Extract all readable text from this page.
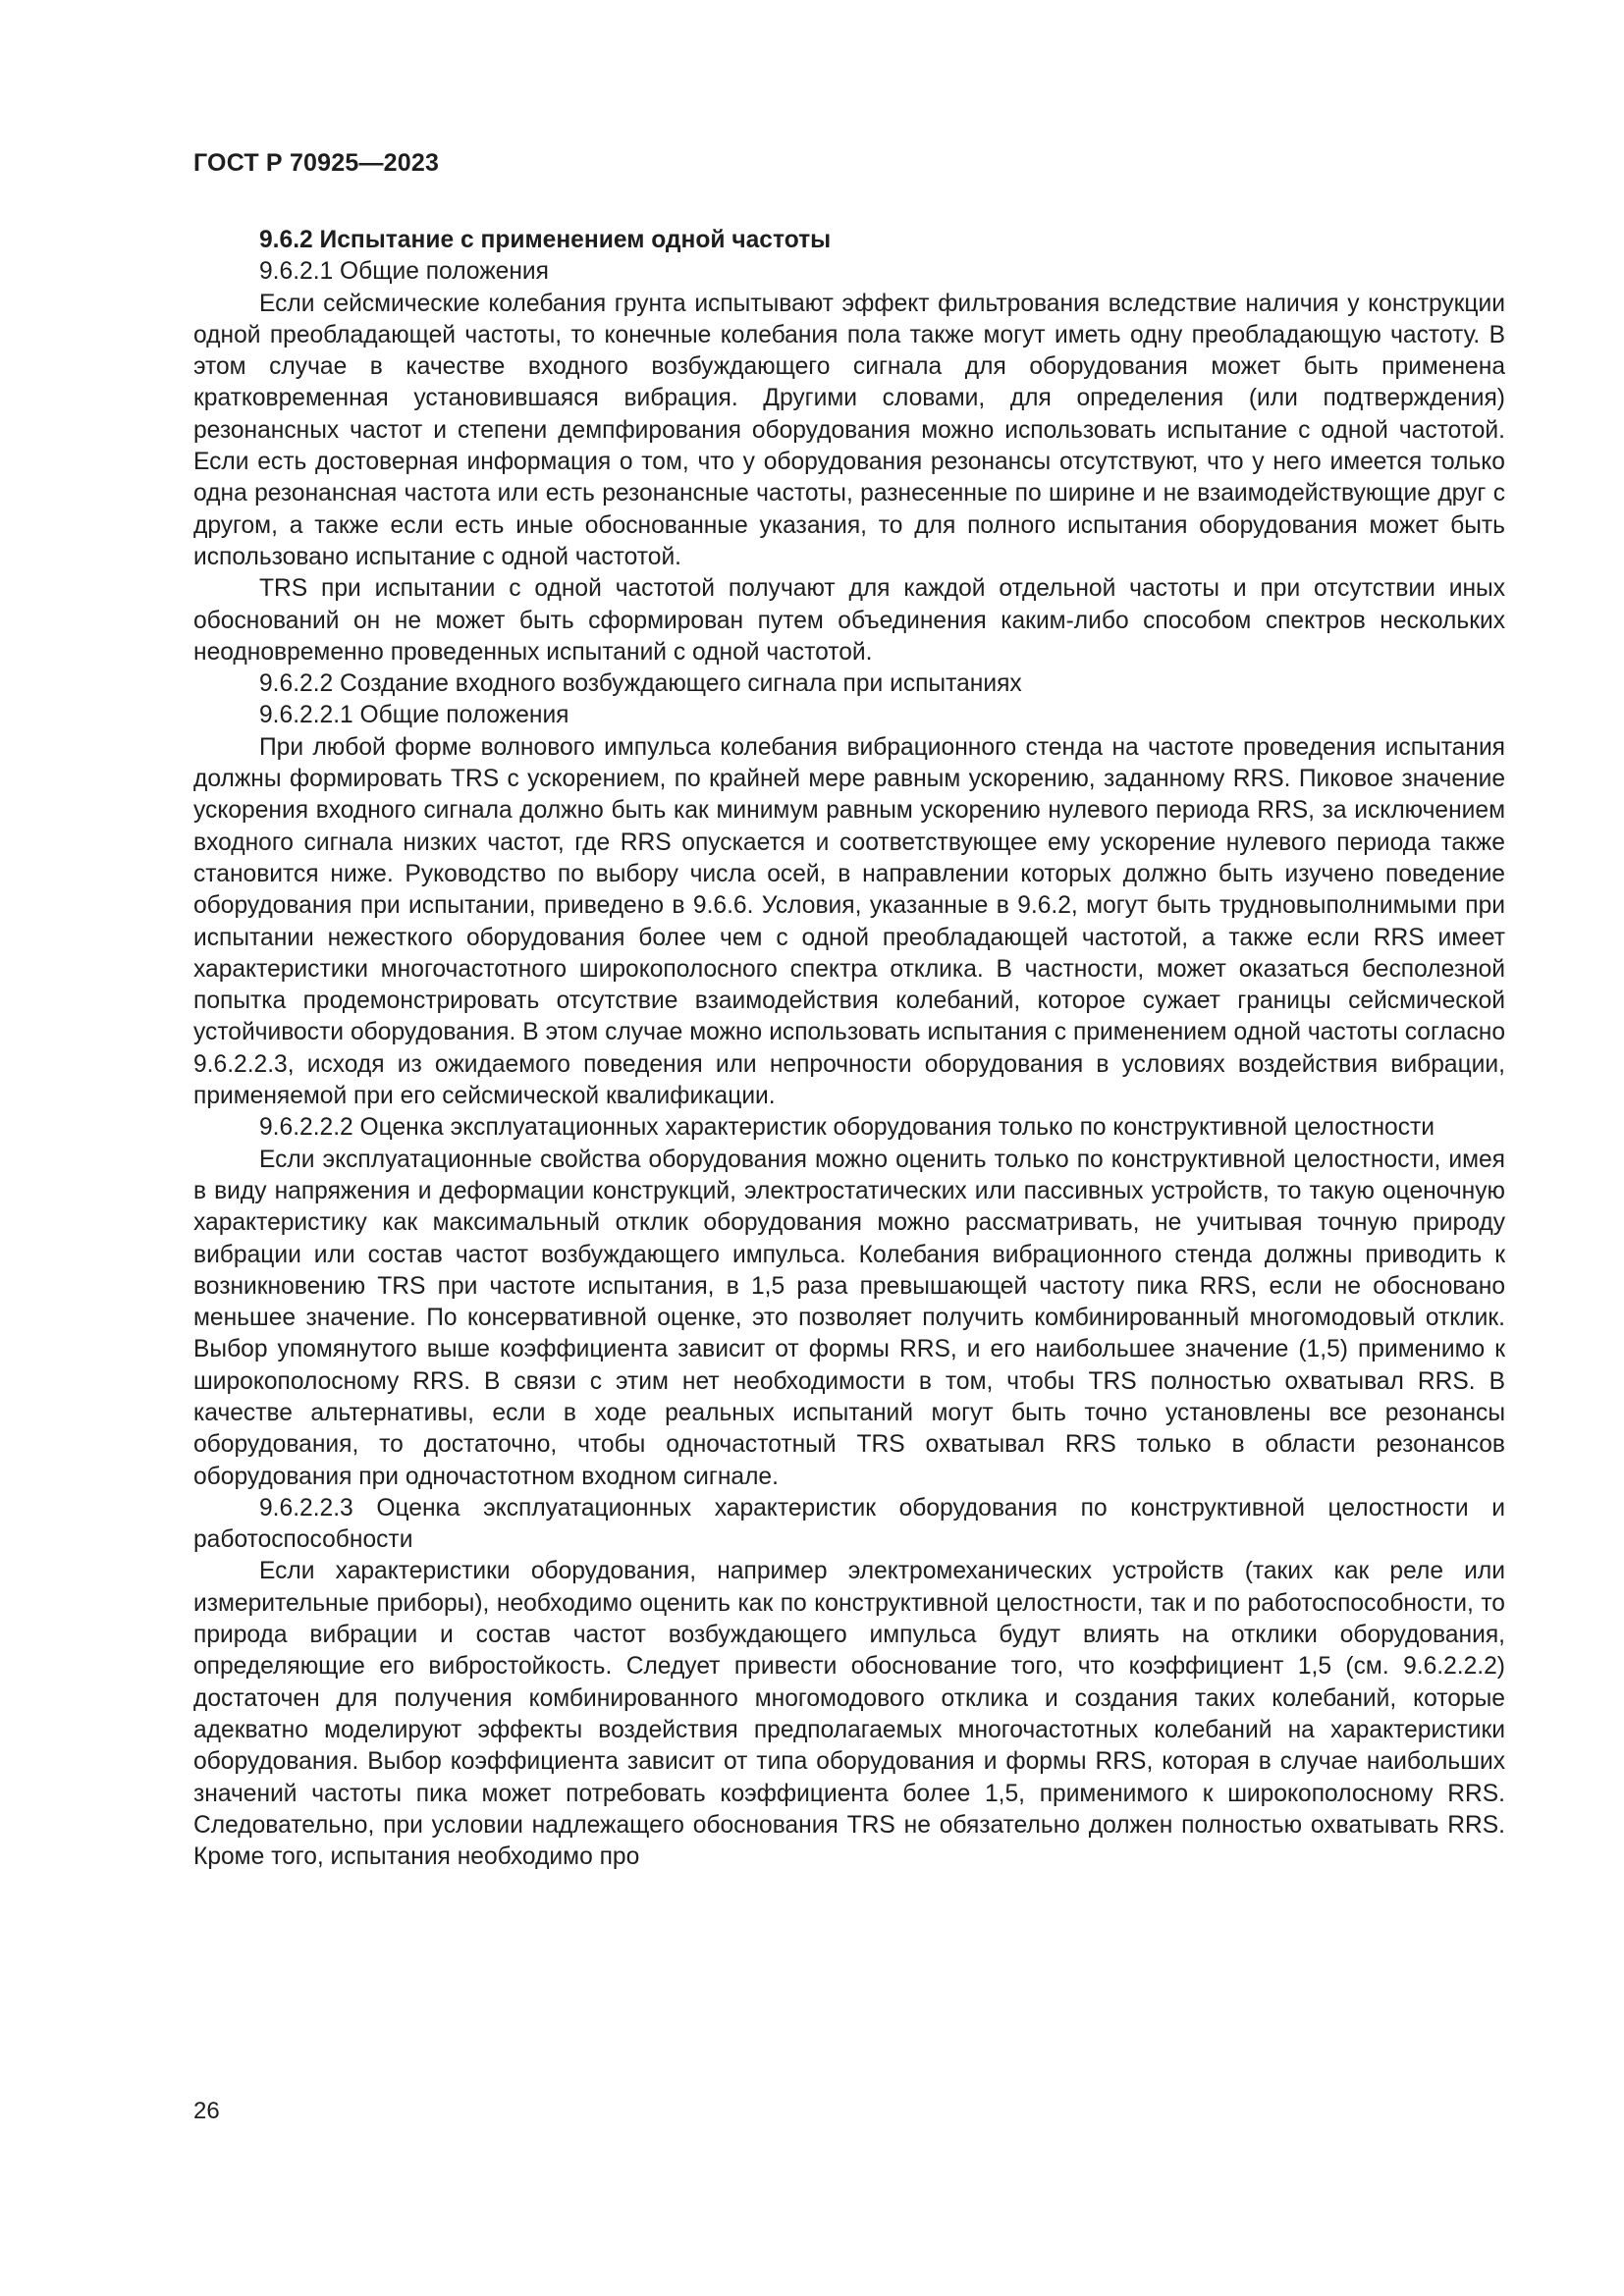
ГОСТ Р 70925—2023

9.6.2 Испытание с применением одной частоты

9.6.2.1 Общие положения

Если сейсмические колебания грунта испытывают эффект фильтрования вследствие наличия у конструкции одной преобладающей частоты, то конечные колебания пола также могут иметь одну преобладающую частоту. В этом случае в качестве входного возбуждающего сигнала для оборудования может быть применена кратковременная установившаяся вибрация. Другими словами, для определения (или подтверждения) резонансных частот и степени демпфирования оборудования можно использовать испытание с одной частотой. Если есть достоверная информация о том, что у оборудования резонансы отсутствуют, что у него имеется только одна резонансная частота или есть резонансные частоты, разнесенные по ширине и не взаимодействующие друг с другом, а также если есть иные обоснованные указания, то для полного испытания оборудования может быть использовано испытание с одной частотой.

TRS при испытании с одной частотой получают для каждой отдельной частоты и при отсутствии иных обоснований он не может быть сформирован путем объединения каким-либо способом спектров нескольких неодновременно проведенных испытаний с одной частотой.

9.6.2.2 Создание входного возбуждающего сигнала при испытаниях

9.6.2.2.1 Общие положения

При любой форме волнового импульса колебания вибрационного стенда на частоте проведения испытания должны формировать TRS с ускорением, по крайней мере равным ускорению, заданному RRS. Пиковое значение ускорения входного сигнала должно быть как минимум равным ускорению нулевого периода RRS, за исключением входного сигнала низких частот, где RRS опускается и соответствующее ему ускорение нулевого периода также становится ниже. Руководство по выбору числа осей, в направлении которых должно быть изучено поведение оборудования при испытании, приведено в 9.6.6. Условия, указанные в 9.6.2, могут быть трудновыполнимыми при испытании нежесткого оборудования более чем с одной преобладающей частотой, а также если RRS имеет характеристики многочастотного широкополосного спектра отклика. В частности, может оказаться бесполезной попытка продемонстрировать отсутствие взаимодействия колебаний, которое сужает границы сейсмической устойчивости оборудования. В этом случае можно использовать испытания с применением одной частоты согласно 9.6.2.2.3, исходя из ожидаемого поведения или непрочности оборудования в условиях воздействия вибрации, применяемой при его сейсмической квалификации.

9.6.2.2.2 Оценка эксплуатационных характеристик оборудования только по конструктивной целостности

Если эксплуатационные свойства оборудования можно оценить только по конструктивной целостности, имея в виду напряжения и деформации конструкций, электростатических или пассивных устройств, то такую оценочную характеристику как максимальный отклик оборудования можно рассматривать, не учитывая точную природу вибрации или состав частот возбуждающего импульса. Колебания вибрационного стенда должны приводить к возникновению TRS при частоте испытания, в 1,5 раза превышающей частоту пика RRS, если не обосновано меньшее значение. По консервативной оценке, это позволяет получить комбинированный многомодовый отклик. Выбор упомянутого выше коэффициента зависит от формы RRS, и его наибольшее значение (1,5) применимо к широкополосному RRS. В связи с этим нет необходимости в том, чтобы TRS полностью охватывал RRS. В качестве альтернативы, если в ходе реальных испытаний могут быть точно установлены все резонансы оборудования, то достаточно, чтобы одночастотный TRS охватывал RRS только в области резонансов оборудования при одночастотном входном сигнале.

9.6.2.2.3 Оценка эксплуатационных характеристик оборудования по конструктивной целостности и работоспособности

Если характеристики оборудования, например электромеханических устройств (таких как реле или измерительные приборы), необходимо оценить как по конструктивной целостности, так и по работоспособности, то природа вибрации и состав частот возбуждающего импульса будут влиять на отклики оборудования, определяющие его вибростойкость. Следует привести обоснование того, что коэффициент 1,5 (см. 9.6.2.2.2) достаточен для получения комбинированного многомодового отклика и создания таких колебаний, которые адекватно моделируют эффекты воздействия предполагаемых многочастотных колебаний на характеристики оборудования. Выбор коэффициента зависит от типа оборудования и формы RRS, которая в случае наибольших значений частоты пика может потребовать коэффициента более 1,5, применимого к широкополосному RRS. Следовательно, при условии надлежащего обоснования TRS не обязательно должен полностью охватывать RRS. Кроме того, испытания необходимо про

26
